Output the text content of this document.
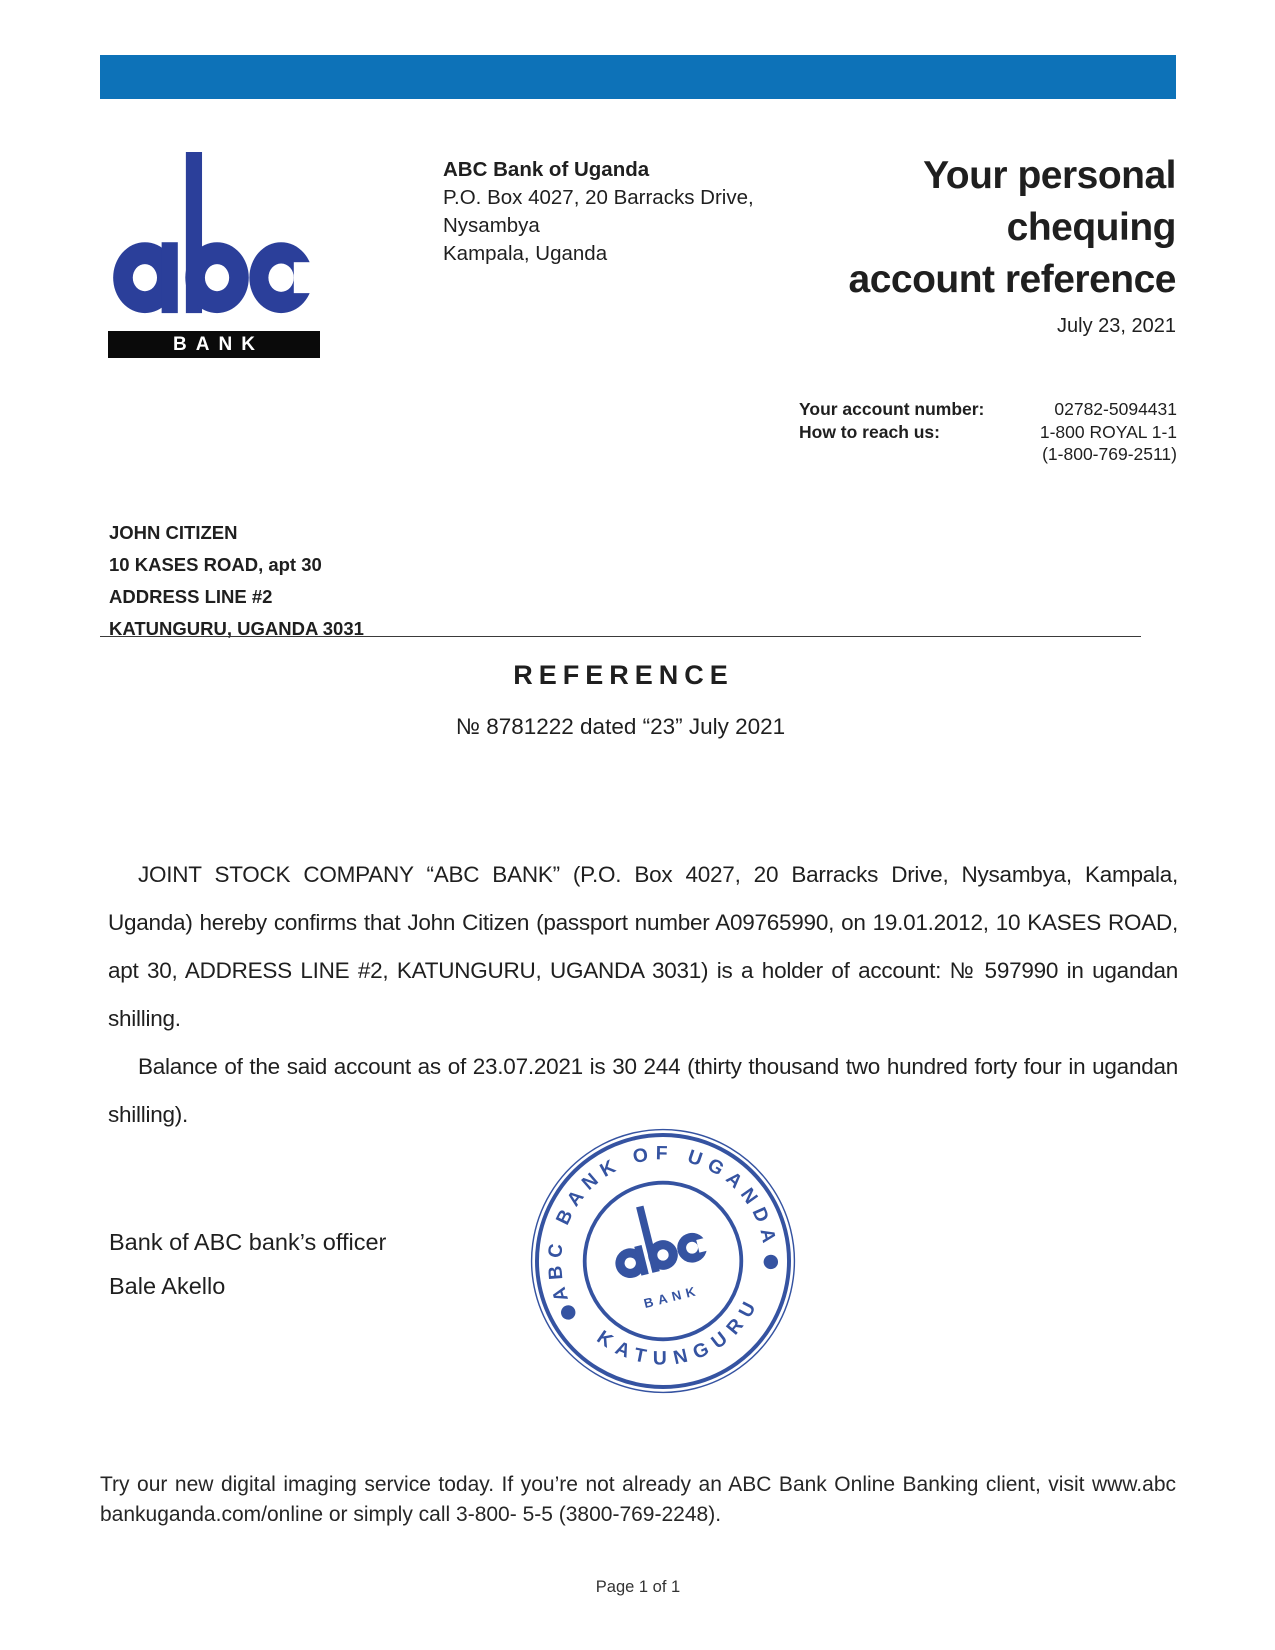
BANK
ABC Bank of Uganda
P.O. Box 4027, 20 Barracks Drive,
Nysambya
Kampala, Uganda
Your personal
chequing
account reference
July 23, 2021
Your account number:	02782-5094431
How to reach us:	1-800 ROYAL 1-1
(1-800-769-2511)
JOHN CITIZEN
10 KASES ROAD, apt 30
ADDRESS LINE #2
KATUNGURU, UGANDA 3031
REFERENCE
№ 8781222 dated “23” July 2021

JOINT STOCK COMPANY “ABC BANK” (P.O. Box 4027, 20 Barracks Drive, Nysambya, Kampala, Uganda) hereby confirms that John Citizen (passport number A09765990, on 19.01.2012, 10 KASES ROAD, apt 30, ADDRESS LINE #2, KATUNGURU, UGANDA 3031) is a holder of account: № 597990 in ugandan shilling.

Balance of the said account as of 23.07.2021 is 30 244 (thirty thousand two hundred forty four in ugandan shilling).

Bank of ABC bank’s officer
Bale Akello	ABC BANK OF UGANDA
KATUNGURU
BANK
Try our new digital imaging service today. If you’re not already an ABC Bank Online Banking client, visit www.abc bankuganda.com/online or simply call 3-800- 5-5 (3800-769-2248).
Page 1 of 1
